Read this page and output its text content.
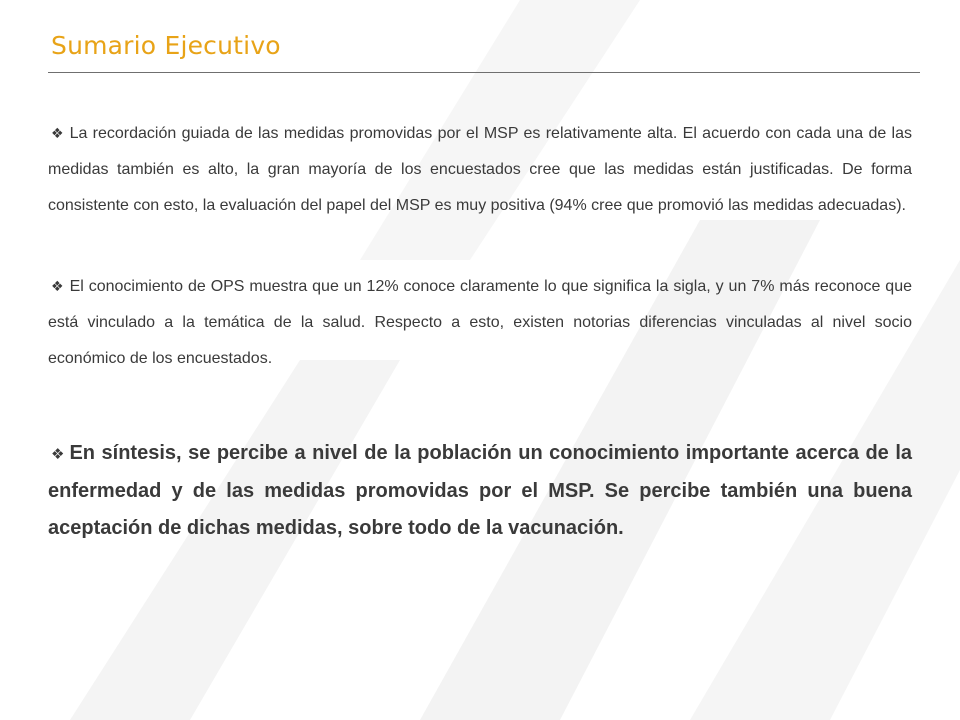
Sumario Ejecutivo

❖ La recordación guiada de las medidas promovidas por el MSP es relativamente alta. El acuerdo con cada una de las medidas también es alto, la gran mayoría de los encuestados cree que las medidas están justificadas. De forma consistente con esto, la evaluación del papel del MSP es muy positiva (94% cree que promovió las medidas adecuadas).

❖ El conocimiento de OPS muestra que un 12% conoce claramente lo que significa la sigla, y un 7% más reconoce que está vinculado a la temática de la salud. Respecto a esto, existen notorias diferencias vinculadas al nivel socio económico de los encuestados.

❖ En síntesis, se percibe a nivel de la población un conocimiento importante acerca de la enfermedad y de las medidas promovidas por el MSP. Se percibe también una buena aceptación de dichas medidas, sobre todo de la vacunación.
